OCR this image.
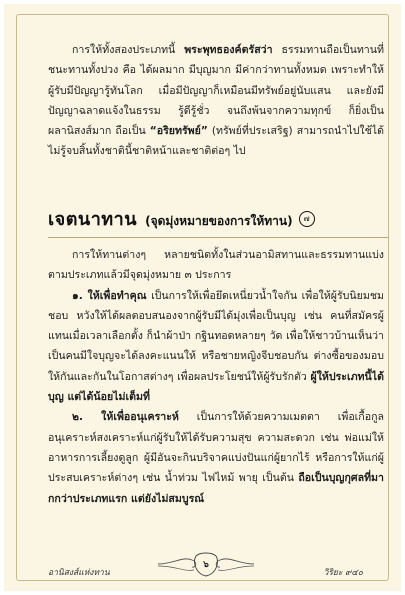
การให้ทั้งสองประเภทนี้ พระพุทธองค์ตรัสว่า ธรรมทานถือเป็นทานที่ชนะทานทั้งปวง คือ ได้ผลมาก มีบุญมาก มีค่ากว่าทานทั้งหมด เพราะทำให้ผู้รับมีปัญญารู้ทันโลก เมื่อมีปัญญาก็เหมือนมีทรัพย์อยู่นับแสน และยังมีปัญญาฉลาดแจ้งในธรรม รู้ดีรู้ชั่ว จนถึงพ้นจากความทุกข์ ก็ยิ่งเป็นผลานิสงส์มาก ถือเป็น “อริยทรัพย์” (ทรัพย์ที่ประเสริฐ) สามารถนำไปใช้ได้ไม่รู้จบสิ้นทั้งชาตินี้ชาติหน้าและชาติต่อๆ ไป

เจตนาทาน (จุดมุ่งหมายของการให้ทาน)	๗

การให้ทานต่างๆ หลายชนิดทั้งในส่วนอามิสทานและธรรมทานแบ่งตามประเภทแล้วมีจุดมุ่งหมาย ๓ ประการ

๑. ให้เพื่อทำคุณ เป็นการให้เพื่อยึดเหนี่ยวน้ำใจกัน เพื่อให้ผู้รับนิยมชมชอบ หวังให้ได้ผลตอบสนองจากผู้รับมีได้มุ่งเพื่อเป็นบุญ เช่น คนที่สมัครผู้แทนเมื่อเวลาเลือกตั้ง ก็นำผ้าป่า กฐินทอดหลายๆ วัด เพื่อให้ชาวบ้านเห็นว่าเป็นคนมีใจบุญจะได้ลงคะแนนให้ หรือชายหญิงจีบชอบกัน ต่างซื้อของมอบให้กันและกันในโอกาสต่างๆ เพื่อผลประโยชน์ให้ผู้รับรักตัว ผู้ให้ประเภทนี้ได้บุญ แต่ได้น้อยไม่เต็มที่

๒. ให้เพื่ออนุเคราะห์ เป็นการให้ด้วยความเมตตา เพื่อเกื้อกูลอนุเคราะห์สงเคราะห์แก่ผู้รับให้ได้รับความสุข ความสะดวก เช่น พ่อแม่ให้อาหารการเลี้ยงดูลูก ผู้มีอันจะกินบริจาคแบ่งปันแก่ผู้ยากไร้ หรือการให้แก่ผู้ประสบเคราะห์ต่างๆ เช่น น้ำท่วม ไฟไหม้ พายุ เป็นต้น ถือเป็นบุญกุศลที่มากกว่าประเภทแรก แต่ยังไม่สมบูรณ์

อานิสงส์แห่งทาน
๖
วิริยะ ๙๔๐
